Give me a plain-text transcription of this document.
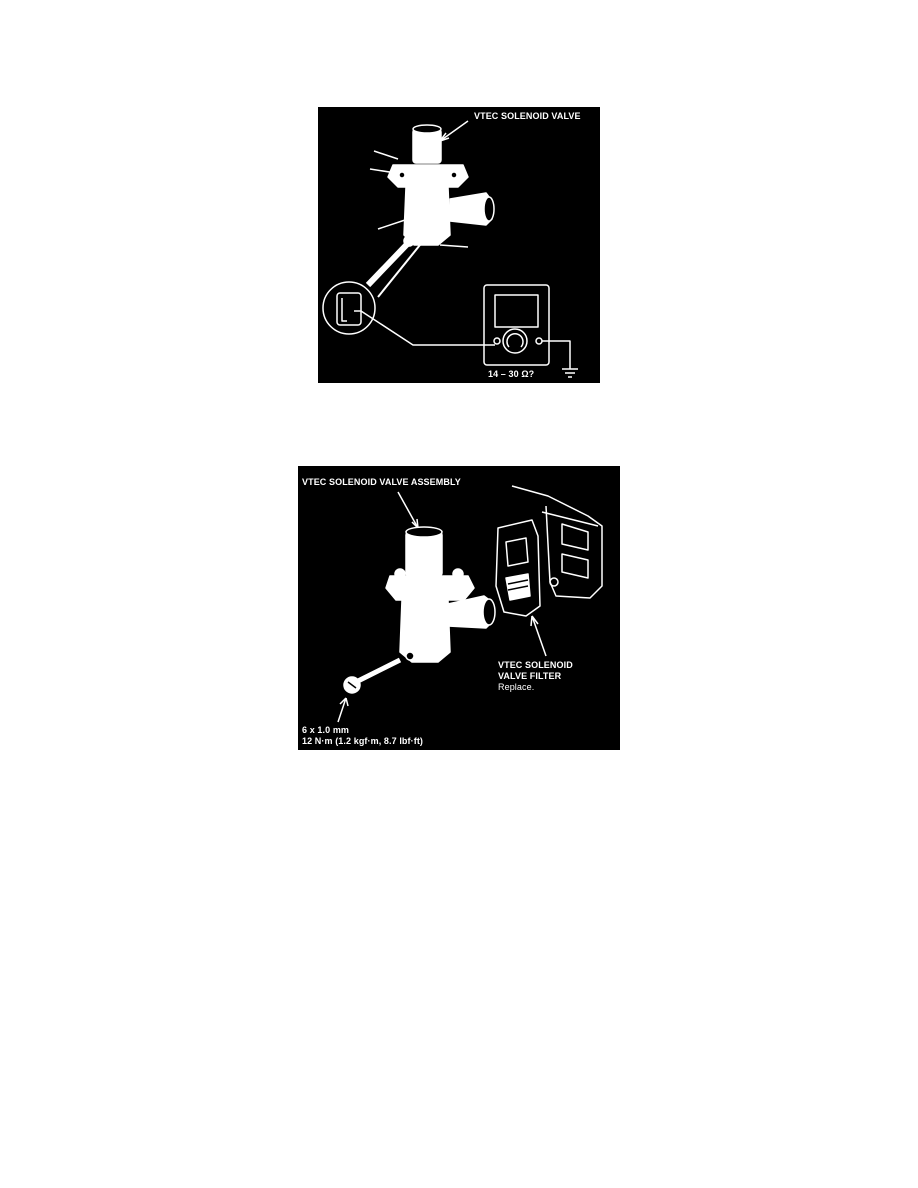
VTEC SOLENOID VALVE
14 – 30 Ω?
VTEC SOLENOID VALVE ASSEMBLY
VTEC SOLENOID
VALVE FILTER
Replace.
6 x 1.0 mm
12 N·m (1.2 kgf·m, 8.7 lbf·ft)
